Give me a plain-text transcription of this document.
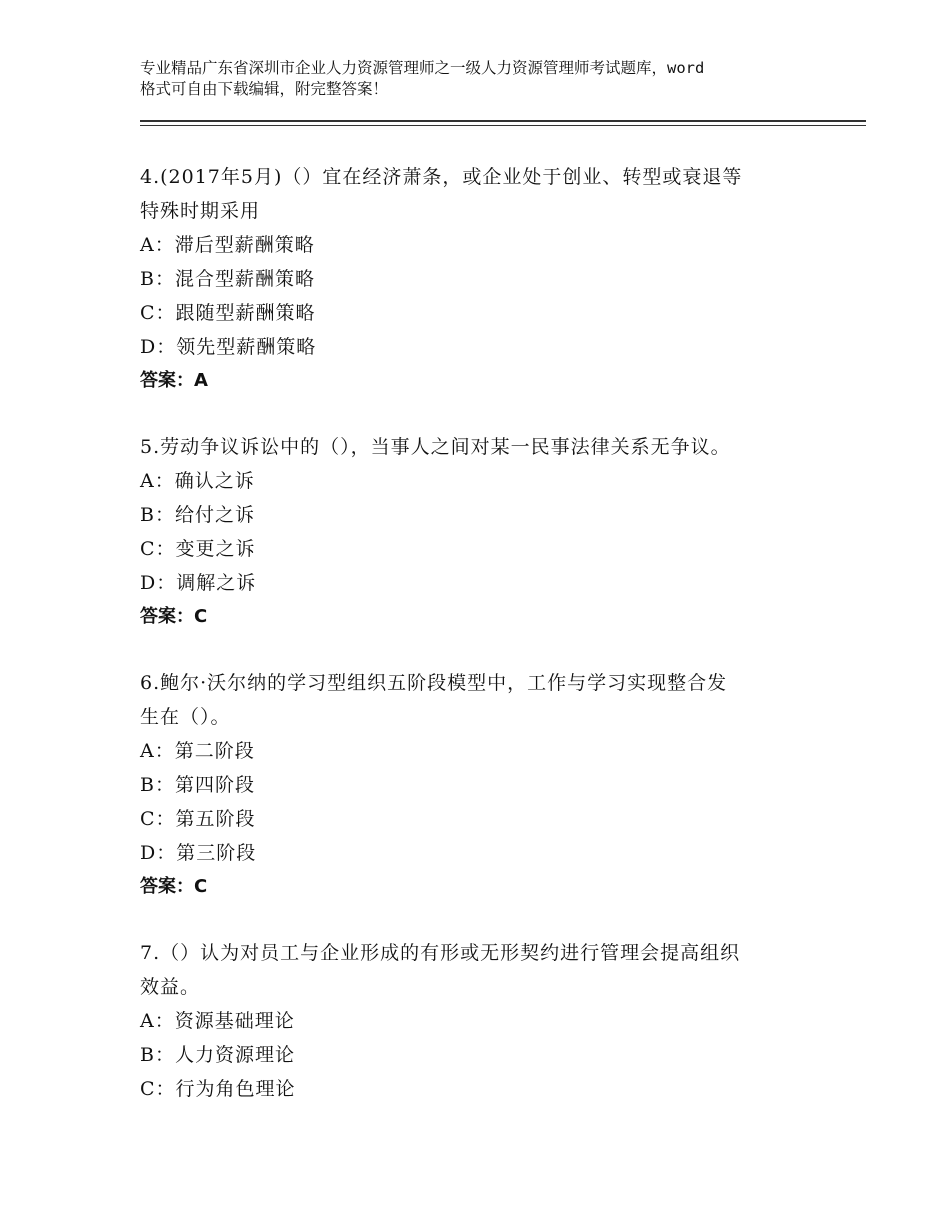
专业精品广东省深圳市企业人力资源管理师之一级人力资源管理师考试题库，word
格式可自由下载编辑，附完整答案！
4.(2017年5月)（）宜在经济萧条，或企业处于创业、转型或衰退等
特殊时期采用
A：滞后型薪酬策略
B：混合型薪酬策略
C：跟随型薪酬策略
D：领先型薪酬策略
答案：A
5.劳动争议诉讼中的（），当事人之间对某一民事法律关系无争议。
A：确认之诉
B：给付之诉
C：变更之诉
D：调解之诉
答案：C
6.鲍尔·沃尔纳的学习型组织五阶段模型中，工作与学习实现整合发
生在（）。
A：第二阶段
B：第四阶段
C：第五阶段
D：第三阶段
答案：C
7.（）认为对员工与企业形成的有形或无形契约进行管理会提高组织
效益。
A：资源基础理论
B：人力资源理论
C：行为角色理论
